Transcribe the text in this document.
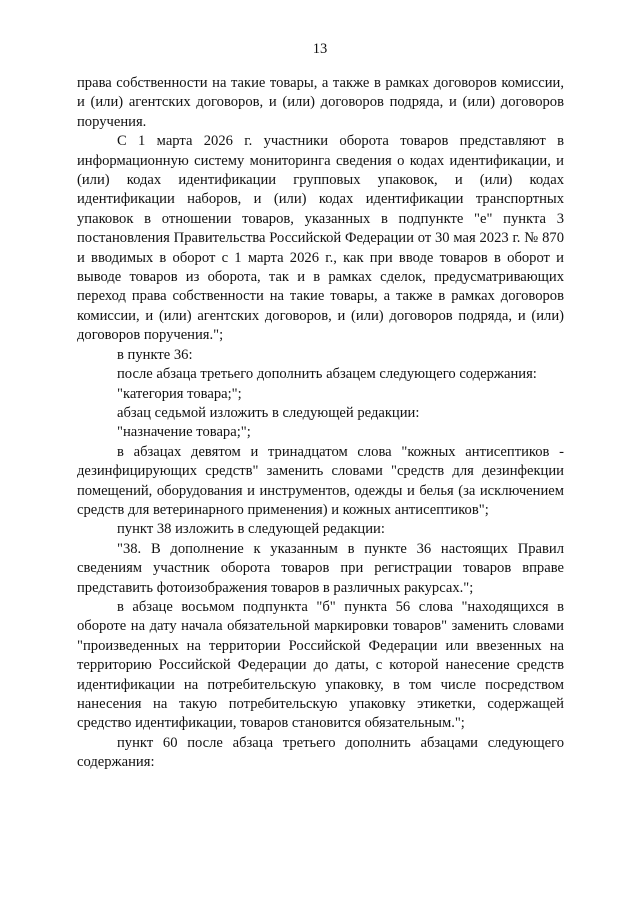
13

права собственности на такие товары, а также в рамках договоров комиссии, и (или) агентских договоров, и (или) договоров подряда, и (или) договоров поручения.

С 1 марта 2026 г. участники оборота товаров представляют в информационную систему мониторинга сведения о кодах идентификации, и (или) кодах идентификации групповых упаковок, и (или) кодах идентификации наборов, и (или) кодах идентификации транспортных упаковок в отношении товаров, указанных в подпункте "е" пункта 3 постановления Правительства Российской Федерации от 30 мая 2023 г. № 870 и вводимых в оборот с 1 марта 2026 г., как при вводе товаров в оборот и выводе товаров из оборота, так и в рамках сделок, предусматривающих переход права собственности на такие товары, а также в рамках договоров комиссии, и (или) агентских договоров, и (или) договоров подряда, и (или) договоров поручения.";

в пункте 36:

после абзаца третьего дополнить абзацем следующего содержания:

"категория товара;";

абзац седьмой изложить в следующей редакции:

"назначение товара;";

в абзацах девятом и тринадцатом слова "кожных антисептиков - дезинфицирующих средств" заменить словами "средств для дезинфекции помещений, оборудования и инструментов, одежды и белья (за исключением средств для ветеринарного применения) и кожных антисептиков";

пункт 38 изложить в следующей редакции:

"38. В дополнение к указанным в пункте 36 настоящих Правил сведениям участник оборота товаров при регистрации товаров вправе представить фотоизображения товаров в различных ракурсах.";

в абзаце восьмом подпункта "б" пункта 56 слова "находящихся в обороте на дату начала обязательной маркировки товаров" заменить словами "произведенных на территории Российской Федерации или ввезенных на территорию Российской Федерации до даты, с которой нанесение средств идентификации на потребительскую упаковку, в том числе посредством нанесения на такую потребительскую упаковку этикетки, содержащей средство идентификации, товаров становится обязательным.";

пункт 60 после абзаца третьего дополнить абзацами следующего содержания:
